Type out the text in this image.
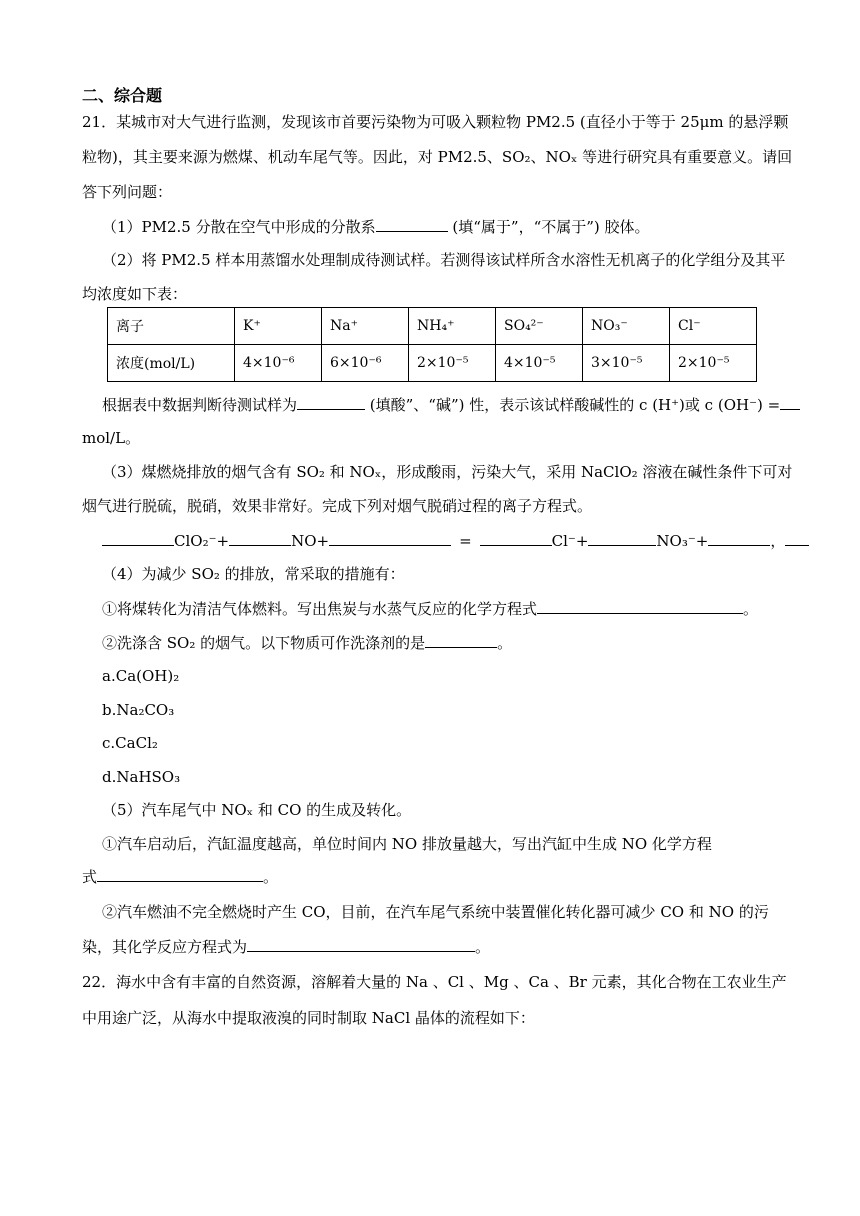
二、综合题
21．某城市对大气进行监测，发现该市首要污染物为可吸入颗粒物 PM2.5 (直径小于等于 25μm 的悬浮颗
粒物)，其主要来源为燃煤、机动车尾气等。因此，对 PM2.5、SO₂、NOₓ 等进行研究具有重要意义。请回
答下列问题：
（1）PM2.5 分散在空气中形成的分散系	(填“属于”，“不属于”) 胶体。
（2）将 PM2.5 样本用蒸馏水处理制成待测试样。若测得该试样所含水溶性无机离子的化学组分及其平
均浓度如下表：
离子	K⁺	Na⁺	NH₄⁺	SO₄²⁻	NO₃⁻	Cl⁻
浓度(mol/L)	4×10⁻⁶	6×10⁻⁶	2×10⁻⁵	4×10⁻⁵	3×10⁻⁵	2×10⁻⁵
根据表中数据判断待测试样为	(填酸”、“碱”) 性，表示该试样酸碱性的 c (H⁺)或 c (OH⁻) =
mol/L。
（3）煤燃烧排放的烟气含有 SO₂ 和 NOₓ，形成酸雨，污染大气，采用 NaClO₂ 溶液在碱性条件下可对
烟气进行脱硫，脱硝，效果非常好。完成下列对烟气脱硝过程的离子方程式。
ClO₂⁻+	NO+	=	Cl⁻+	NO₃⁻+	，
（4）为减少 SO₂ 的排放，常采取的措施有：
①将煤转化为清洁气体燃料。写出焦炭与水蒸气反应的化学方程式	。
②洗涤含 SO₂ 的烟气。以下物质可作洗涤剂的是	。
a.Ca(OH)₂
b.Na₂CO₃
c.CaCl₂
d.NaHSO₃
（5）汽车尾气中 NOₓ 和 CO 的生成及转化。
①汽车启动后，汽缸温度越高，单位时间内 NO 排放量越大，写出汽缸中生成 NO 化学方程
式	。
②汽车燃油不完全燃烧时产生 CO，目前，在汽车尾气系统中装置催化转化器可减少 CO 和 NO 的污
染，其化学反应方程式为	。
22．海水中含有丰富的自然资源，溶解着大量的 Na 、Cl 、Mg 、Ca 、Br 元素，其化合物在工农业生产
中用途广泛，从海水中提取液溴的同时制取 NaCl 晶体的流程如下：
